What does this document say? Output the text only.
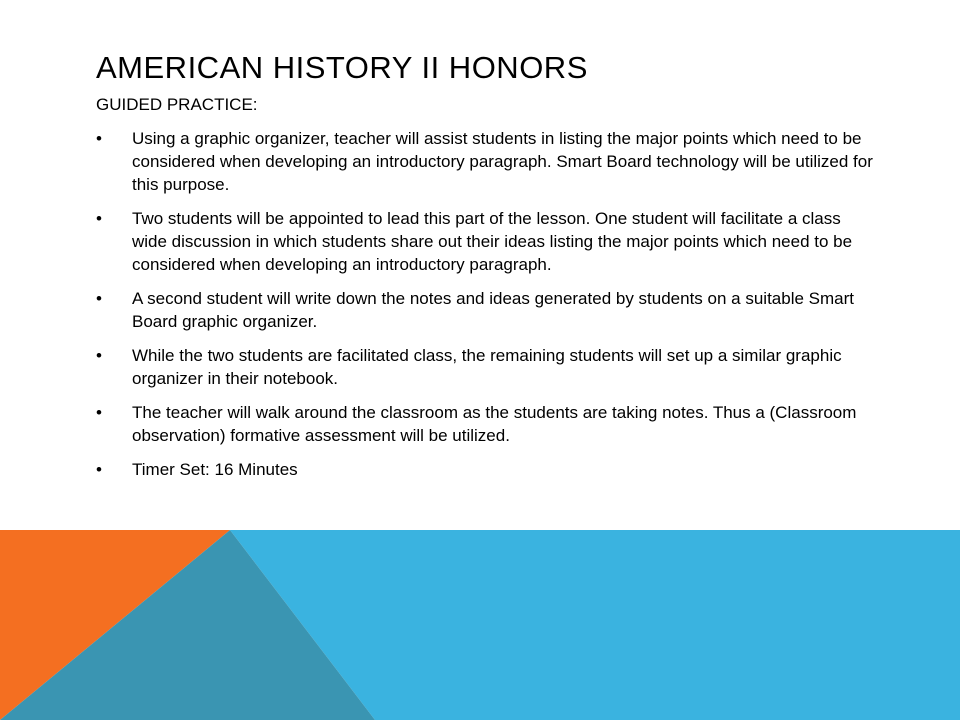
AMERICAN HISTORY II HONORS
GUIDED PRACTICE:
• Using a graphic organizer, teacher will assist students in listing the major points which need to be considered when developing an introductory paragraph. Smart Board technology will be utilized for this purpose.
• Two students will be appointed to lead this part of the lesson. One student will facilitate a class wide discussion in which students share out their ideas listing the major points which need to be considered when developing an introductory paragraph.
• A second student will write down the notes and ideas generated by students on a suitable Smart Board graphic organizer.
• While the two students are facilitated class, the remaining students will set up a similar graphic organizer in their notebook.
• The teacher will walk around the classroom as the students are taking notes. Thus a (Classroom observation) formative assessment will be utilized.
• Timer Set: 16 Minutes
